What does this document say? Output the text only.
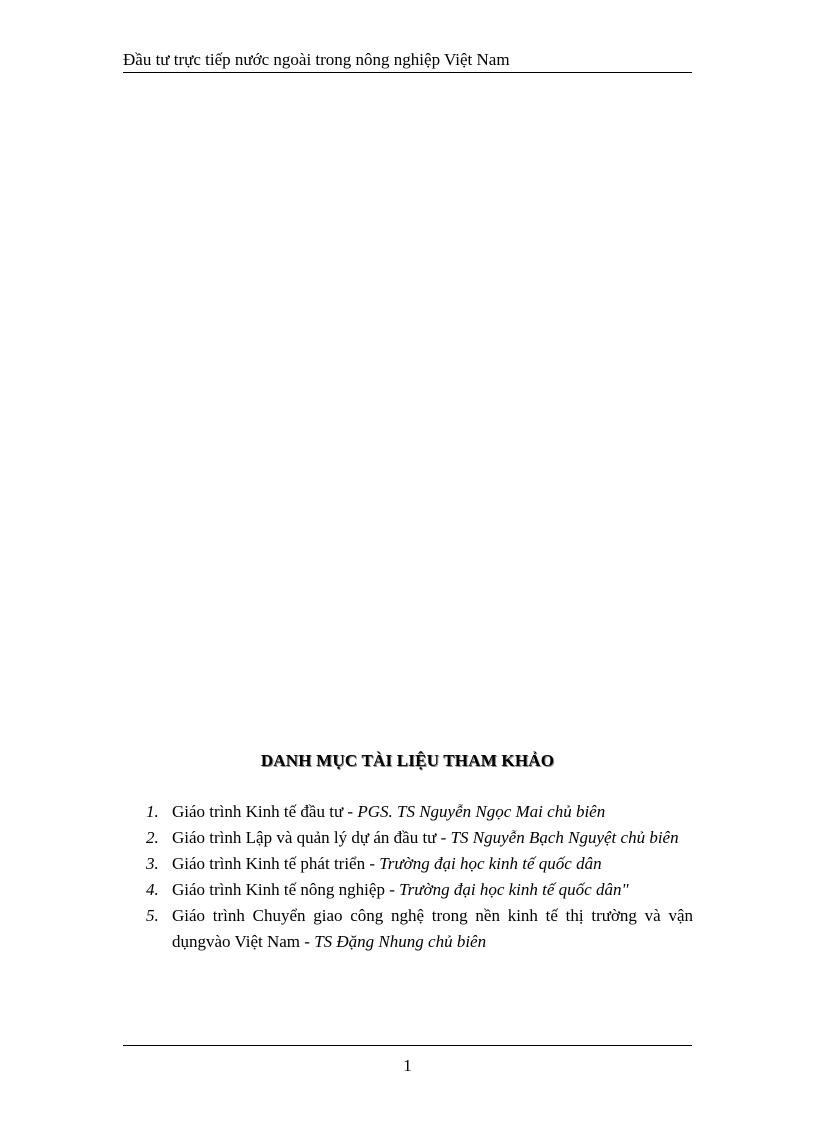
Đầu tư trực tiếp nước ngoài trong nông nghiệp Việt Nam
DANH MỤC TÀI LIỆU THAM KHẢO
1. Giáo trình Kinh tế đầu tư - PGS. TS Nguyễn Ngọc Mai chủ biên
2. Giáo trình Lập và quản lý dự án đầu tư - TS Nguyễn Bạch Nguyệt chủ biên
3. Giáo trình Kinh tế phát triển - Trường đại học kinh tế quốc dân
4. Giáo trình Kinh tế nông nghiệp - Trường đại học kinh tế quốc dân"
5. Giáo trình Chuyển giao công nghệ trong nền kinh tế thị trường và vận dụngvào Việt Nam - TS Đặng Nhung chủ biên
1
